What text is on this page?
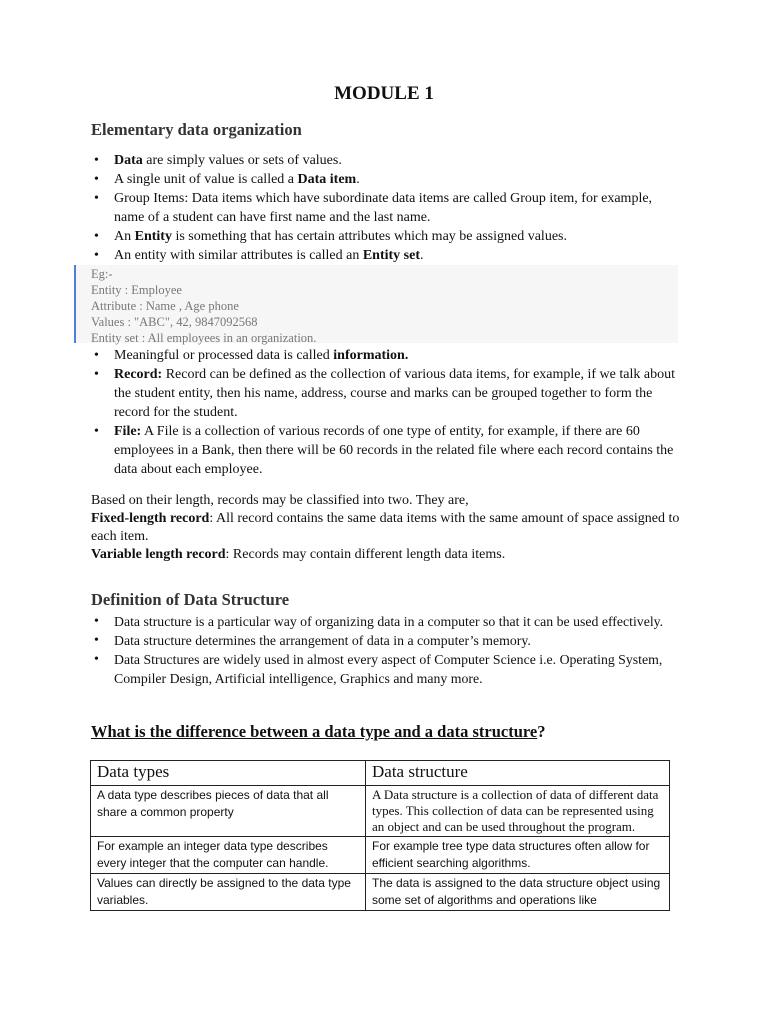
MODULE 1
Elementary data organization
• Data are simply values or sets of values.
• A single unit of value is called a Data item.
• Group Items: Data items which have subordinate data items are called Group item, for example, name of a student can have first name and the last name.
• An Entity is something that has certain attributes which may be assigned values.
• An entity with similar attributes is called an Entity set.
Eg:-
Entity : Employee
Attribute : Name , Age phone
Values : "ABC", 42, 9847092568
Entity set : All employees in an organization.
• Meaningful or processed data is called information.
• Record: Record can be defined as the collection of various data items, for example, if we talk about the student entity, then his name, address, course and marks can be grouped together to form the record for the student.
• File: A File is a collection of various records of one type of entity, for example, if there are 60 employees in a Bank, then there will be 60 records in the related file where each record contains the data about each employee.

Based on their length, records may be classified into two. They are,

Fixed-length record: All record contains the same data items with the same amount of space assigned to each item.

Variable length record: Records may contain different length data items.

Definition of Data Structure
• Data structure is a particular way of organizing data in a computer so that it can be used effectively.
• Data structure determines the arrangement of data in a computer’s memory.
• Data Structures are widely used in almost every aspect of Computer Science i.e. Operating System, Compiler Design, Artificial intelligence, Graphics and many more.
What is the difference between a data type and a data structure?
Data types	Data structure
A data type describes pieces of data that all share a common property	A Data structure is a collection of data of different data types. This collection of data can be represented using an object and can be used throughout the program.
For example an integer data type describes every integer that the computer can handle.	For example tree type data structures often allow for efficient searching algorithms.

Values can directly be assigned to the data type variables.	The data is assigned to the data structure object using some set of algorithms and operations like
